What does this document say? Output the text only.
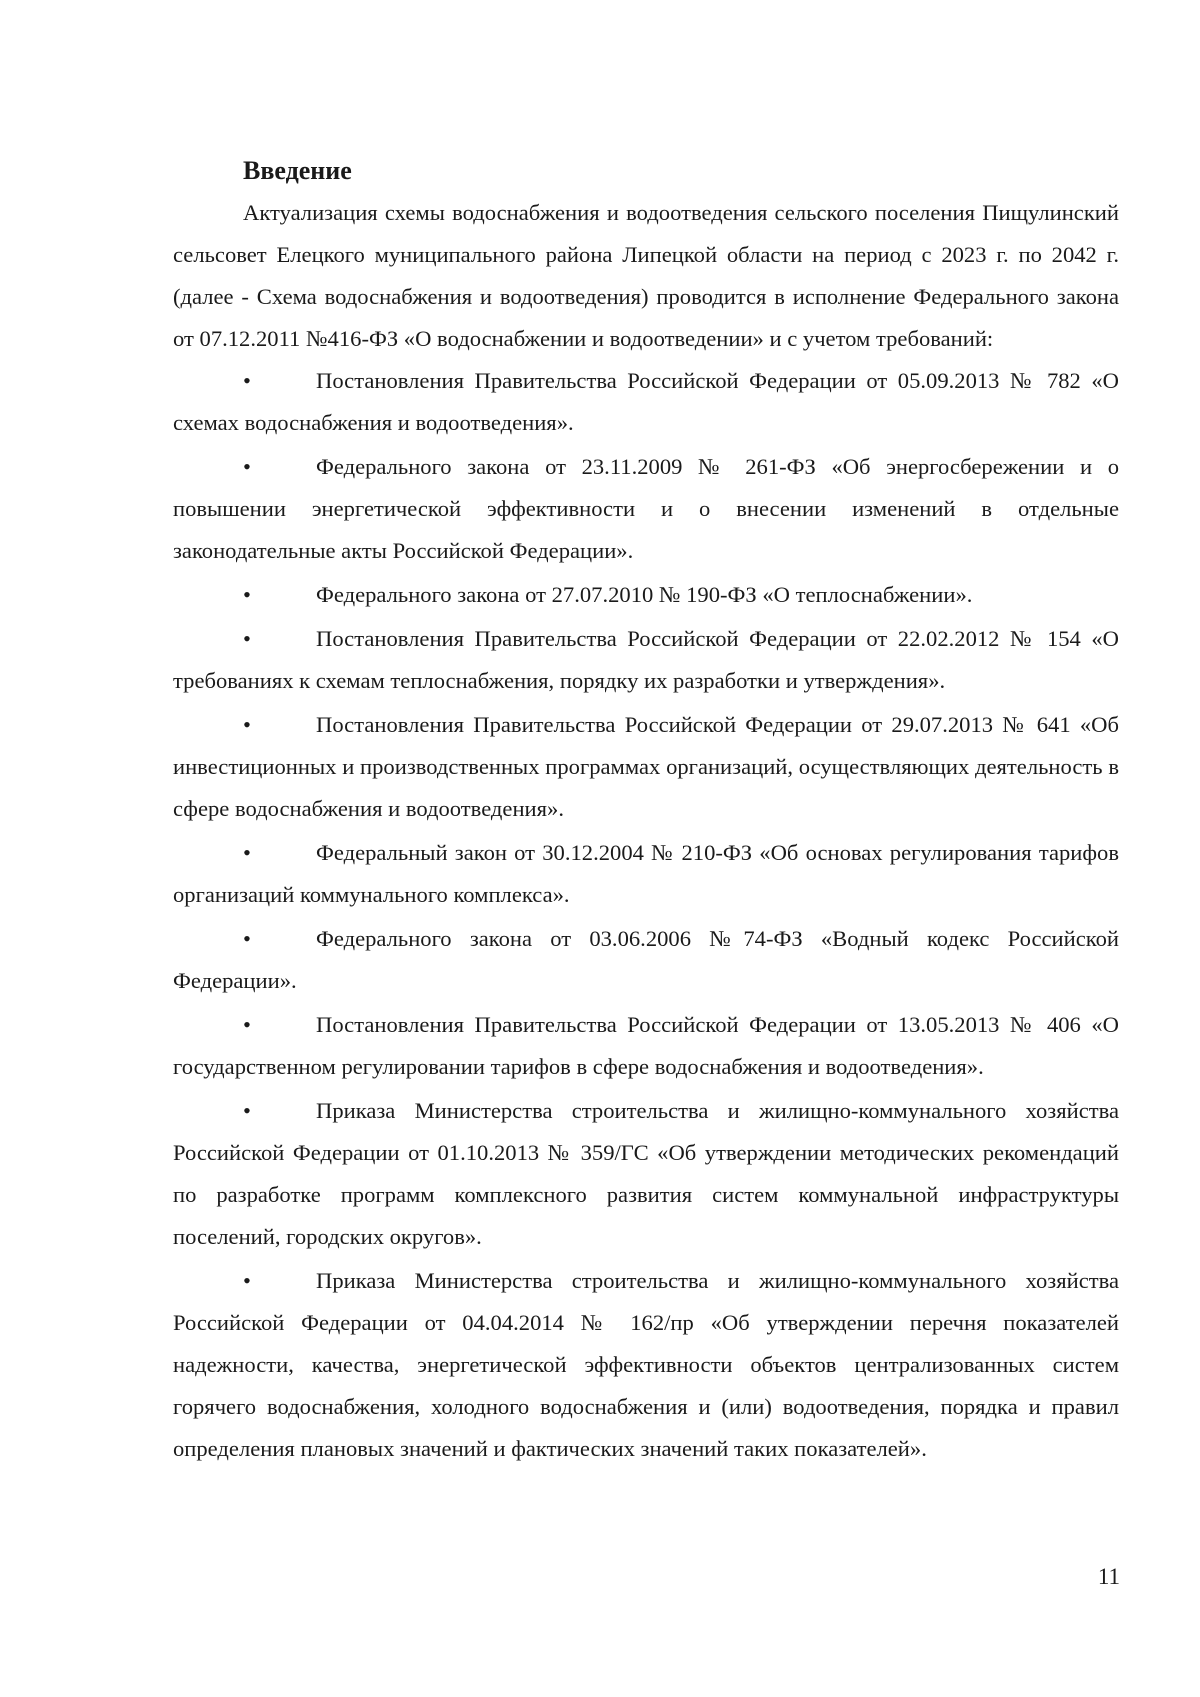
Введение

Актуализация схемы водоснабжения и водоотведения сельского поселения Пищулинский сельсовет Елецкого муниципального района Липецкой области на период с 2023 г. по 2042 г. (далее - Схема водоснабжения и водоотведения) проводится в исполнение Федерального закона от 07.12.2011 №416-ФЗ «О водоснабжении и водоотведении» и с учетом требований:

•	Постановления Правительства Российской Федерации от 05.09.2013 № 782 «О схемах водоснабжения и водоотведения».
•	Федерального закона от 23.11.2009 № 261-ФЗ «Об энергосбережении и о повышении энергетической эффективности и о внесении изменений в отдельные законодательные акты Российской Федерации».
•	Федерального закона от 27.07.2010 № 190-ФЗ «О теплоснабжении».
•	Постановления Правительства Российской Федерации от 22.02.2012 № 154 «О требованиях к схемам теплоснабжения, порядку их разработки и утверждения».
•	Постановления Правительства Российской Федерации от 29.07.2013 № 641 «Об инвестиционных и производственных программах организаций, осуществляющих деятельность в сфере водоснабжения и водоотведения».
•	Федеральный закон от 30.12.2004 № 210-ФЗ «Об основах регулирования тарифов организаций коммунального комплекса».
•	Федерального закона от 03.06.2006 №74-ФЗ «Водный кодекс Российской Федерации».
•	Постановления Правительства Российской Федерации от 13.05.2013 № 406 «О государственном регулировании тарифов в сфере водоснабжения и водоотведения».
•	Приказа Министерства строительства и жилищно-коммунального хозяйства Российской Федерации от 01.10.2013 № 359/ГС «Об утверждении методических рекомендаций по разработке программ комплексного развития систем коммунальной инфраструктуры поселений, городских округов».
•	Приказа Министерства строительства и жилищно-коммунального хозяйства Российской Федерации от 04.04.2014 № 162/пр «Об утверждении перечня показателей надежности, качества, энергетической эффективности объектов централизованных систем горячего водоснабжения, холодного водоснабжения и (или) водоотведения, порядка и правил определения плановых значений и фактических значений таких показателей».
11
